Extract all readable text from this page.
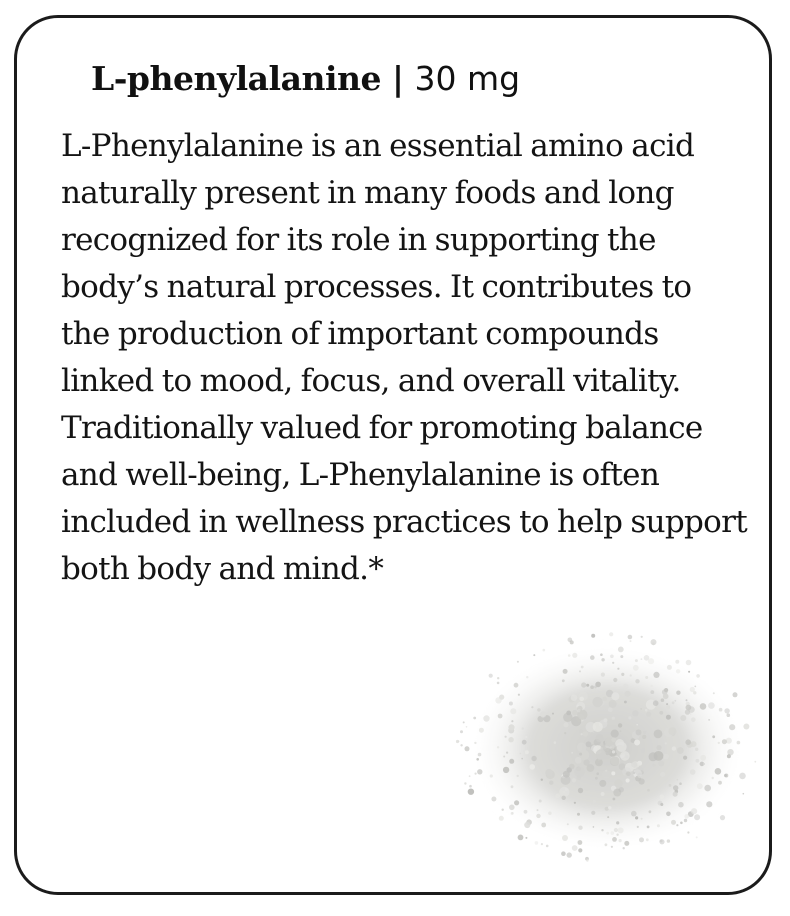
L-phenylalanine | 30 mg

L-Phenylalanine is an essential amino acid
naturally present in many foods and long
recognized for its role in supporting the
body’s natural processes. It contributes to
the production of important compounds
linked to mood, focus, and overall vitality.
Traditionally valued for promoting balance
and well-being, L-Phenylalanine is often
included in wellness practices to help support
both body and mind.*
